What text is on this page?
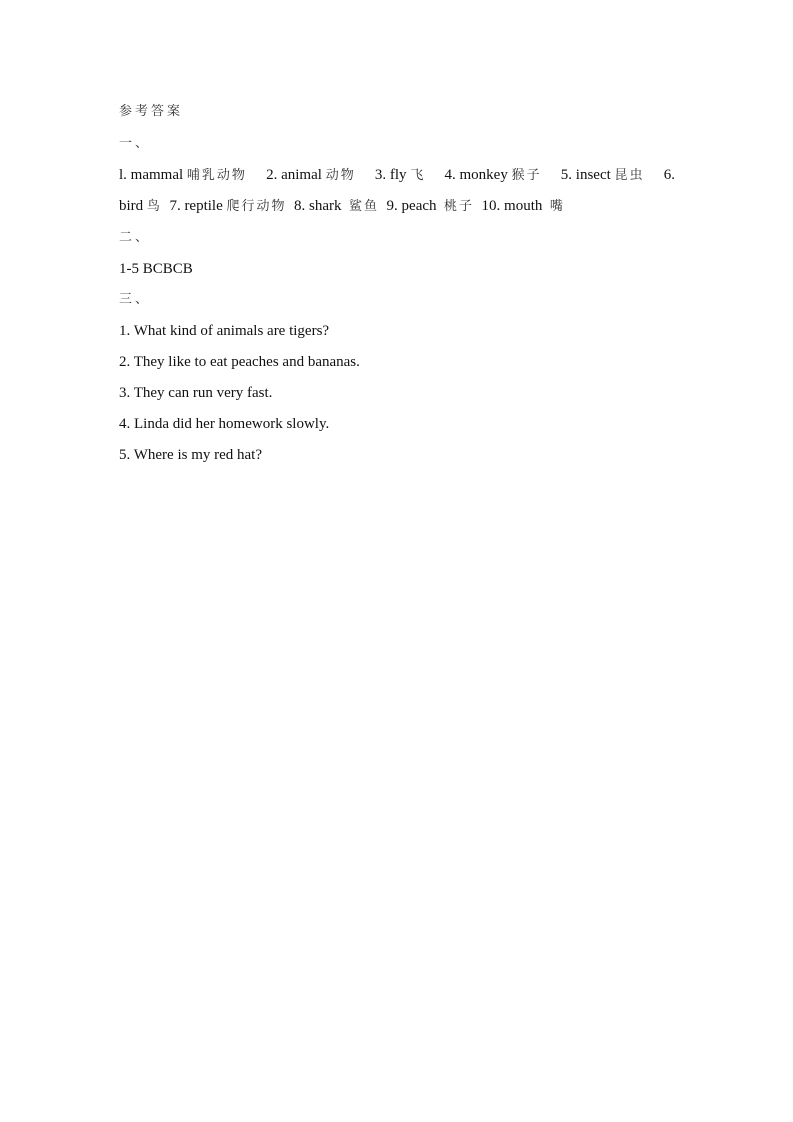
参考答案
一、
l. mammal 哺乳动物 2. animal 动物 3. fly 飞 4. monkey 猴子 5. insect 昆虫 6.
bird 鸟 7. reptile 爬行动物 8. shark 鲨鱼 9. peach 桃子 10. mouth 嘴
二、
1-5 BCBCB
三、
1. What kind of animals are tigers?
2. They like to eat peaches and bananas.
3. They can run very fast.
4. Linda did her homework slowly.
5. Where is my red hat?
